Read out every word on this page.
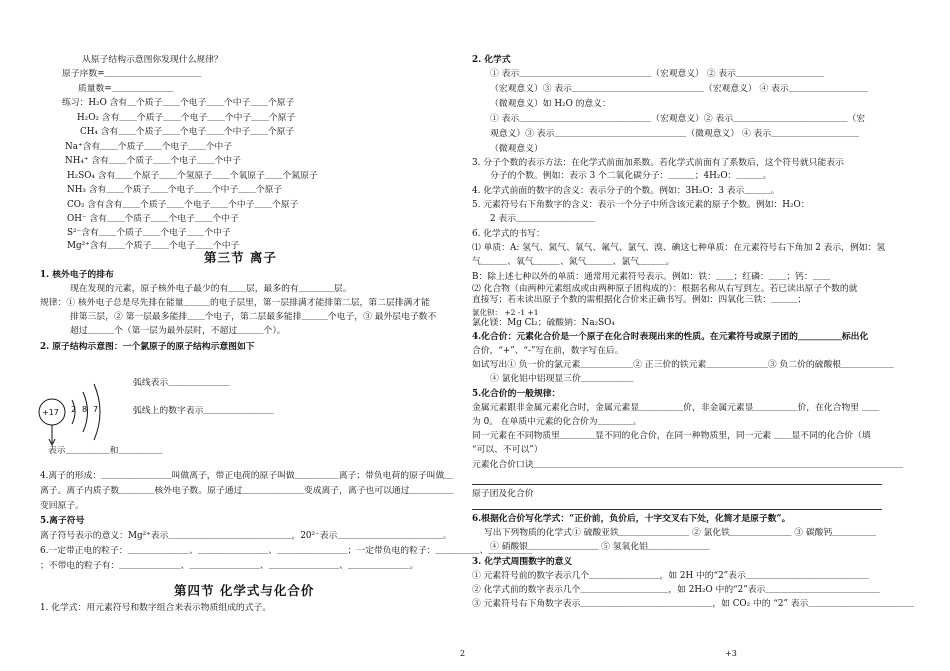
从原子结构示意图你发现什么规律？
原子序数=＿＿＿＿＿＿＿＿＿＿＿
质量数=＿＿＿＿＿＿＿
练习：H₂O 含有＿个质子＿＿个电子＿＿个中子＿＿个原子
H₂O₂ 含有＿＿个质子＿＿个电子＿＿个中子＿＿个原子
CH₄ 含有＿＿个质子＿＿个电子＿＿个中子＿＿个原子
Na⁺含有＿＿个质子＿＿个电子＿＿个中子
NH₄⁺ 含有＿＿个质子＿＿个电子＿＿个中子
H₂SO₄ 含有＿＿个原子＿＿个氢原子＿＿个氧原子＿＿个氮原子
NH₃ 含有＿＿个质子＿＿个电子＿＿个中子＿＿个原子
CO₂ 含有含有＿＿个质子＿＿个电子＿＿个中子＿＿个原子
OH⁻ 含有＿＿个质子＿＿个电子＿＿个中子
S²⁻含有＿＿个质子＿＿个电子＿＿个中子
Mg²⁺含有＿＿个质子＿＿个电子＿＿个中子
第三节 离子
1. 核外电子的排布
现在发现的元素，原子核外电子最少的有＿＿层，最多的有＿＿＿＿层。
规律：① 核外电子总是尽先排在能量＿＿＿的电子层里，第一层排满才能排第二层，第二层排满才能
排第三层，② 第一层最多能排＿＿个电子，第二层最多能排＿＿＿个电子，③ 最外层电子数不
超过＿＿＿个（第一层为最外层时，不超过＿＿＿个）。
2. 原子结构示意图：一个氯原子的原子结构示意图如下
+17 2 8 7
弧线表示＿＿＿＿＿＿＿
弧线上的数字表示＿＿＿＿＿＿＿＿
表示＿＿＿＿＿和＿＿＿＿＿
4.离子的形成：＿＿＿＿＿＿＿＿叫做离子，带正电荷的原子叫做＿＿＿＿＿离子；带负电荷的原子叫做＿
离子。离子内质子数＿＿＿＿核外电子数。原子通过＿＿＿＿＿＿＿变成离子，离子也可以通过＿＿＿＿＿
变回原子。
5.离子符号
离子符号表示的意义：Mg²⁺表示＿＿＿＿＿＿＿＿＿＿＿＿＿＿，20²⁻表示＿＿＿＿＿＿＿＿＿＿＿＿。
6.一定带正电的粒子：＿＿＿＿＿＿＿、＿＿＿＿＿＿＿＿、＿＿＿＿＿＿＿＿；一定带负电的粒子：＿＿＿＿＿、＿＿＿＿＿
；不带电的粒子有：＿＿＿＿＿＿＿、＿＿＿＿＿＿＿＿、＿＿＿＿＿＿＿＿、＿＿＿＿＿＿＿。
第四节 化学式与化合价
1. 化学式：用元素符号和数字组合来表示物质组成的式子。
2
2. 化学式
① 表示＿＿＿＿＿＿＿＿＿＿＿＿＿＿＿（宏观意义） ② 表示＿＿＿＿＿＿＿＿＿＿
（宏观意义）③ 表示＿＿＿＿＿＿＿＿＿＿＿＿＿＿＿（宏观意义） ④ 表示＿＿＿＿＿＿＿＿＿
（微观意义）如 H₂O 的意义：
① 表示＿＿＿＿＿＿＿＿＿＿＿＿＿＿＿（宏观意义）② 表示＿＿＿＿＿＿＿＿＿＿＿＿＿（宏
观意义）③ 表示＿＿＿＿＿＿＿＿＿＿＿＿＿＿＿（微观意义） ④ 表示＿＿＿＿＿＿＿＿＿＿
（微观意义）
3. 分子个数的表示方法：在化学式前面加系数。若化学式前面有了系数后，这个符号就只能表示
分子的个数。例如：表示 3 个二氧化碳分子：＿＿＿；4H₂O：＿＿＿。
4. 化学式前面的数字的含义：表示分子的个数。例如：3H₂O：3 表示＿＿＿。
5. 元素符号右下角数字的含义：表示一个分子中所含该元素的原子个数。例如：H₂O：
2 表示＿＿＿＿＿＿＿＿＿
6. 化学式的书写：
⑴ 单质：A: 氢气、氮气、氧气、氟气、氯气、溴、碘这七种单质：在元素符号右下角加 2 表示，例如：氢
气＿＿＿、氧气＿＿＿、氮气＿＿＿、氯气＿＿＿。
B：除上述七种以外的单质：通常用元素符号表示。例如：铁：＿＿；红磷：＿＿；钙：＿＿
⑵ 化合物（由两种元素组成或由两种原子团构成的）：根据名称从右写到左。若已读出原子个数的就
直接写；若未读出原子个数的需根据化合价来正确书写。例如：四氧化三铁：＿＿＿；
氯化钡： +2 -1 +1
氯化镁：Mg Cl₂；硫酸钠：Na₂SO₄
4.化合价：元素化合价是一个原子在化合时表现出来的性质。在元素符号或原子团的＿＿＿＿＿标出化
合价，“+”、“-”写在前，数字写在后。
如试写出① 负一价的氯元素＿＿＿＿＿＿② 正三价的铁元素＿＿＿＿＿＿＿③ 负二价的硫酸根＿＿＿＿＿＿
④ 氯化铝中铝现显三价＿＿＿＿＿＿
5.化合价的一般规律：
金属元素跟非金属元素化合时，金属元素显＿＿＿＿＿价，非金属元素显＿＿＿＿＿价，在化合物里 ＿＿
为 0。 在单质中元素的化合价为＿＿＿＿。
同一元素在不同物质里＿＿＿＿显不同的化合价，在同一种物质里，同一元素 ＿＿显不同的化合价（填
“可以、不可以”）
元素化合价口诀＿＿＿＿＿＿＿＿＿＿＿＿＿＿＿＿＿＿＿＿＿＿＿＿＿＿＿＿＿＿＿＿＿＿＿＿＿＿＿＿＿＿
原子团及化合价
6.根据化合价写化学式：“正价前，负价后，十字交叉右下处，化简才是原子数”。
写出下列物质的化学式① 硫酸亚铁＿＿＿＿＿＿＿＿ ② 氯化铁＿＿＿＿＿＿＿ ③ 碳酸钙＿＿＿＿＿
④ 硝酸银＿＿＿＿＿＿＿＿ ⑤ 氢氧化铝＿＿＿＿＿＿＿
3. 化学式周围数字的意义
① 元素符号前的数字表示几个＿＿＿＿＿＿＿＿，如 2H 中的“2”表示＿＿＿＿＿＿＿＿＿＿＿＿＿＿
② 化学式前的数字表示几个＿＿＿＿＿＿＿＿＿＿，如 2H₂O 中的“2”表示＿＿＿＿＿＿＿＿＿＿＿＿＿
③ 元素符号右下角数字表示＿＿＿＿＿＿＿＿＿＿＿＿＿＿＿，如 CO₂ 中的 “2” 表示＿＿＿＿＿＿＿＿＿＿＿＿
+3
